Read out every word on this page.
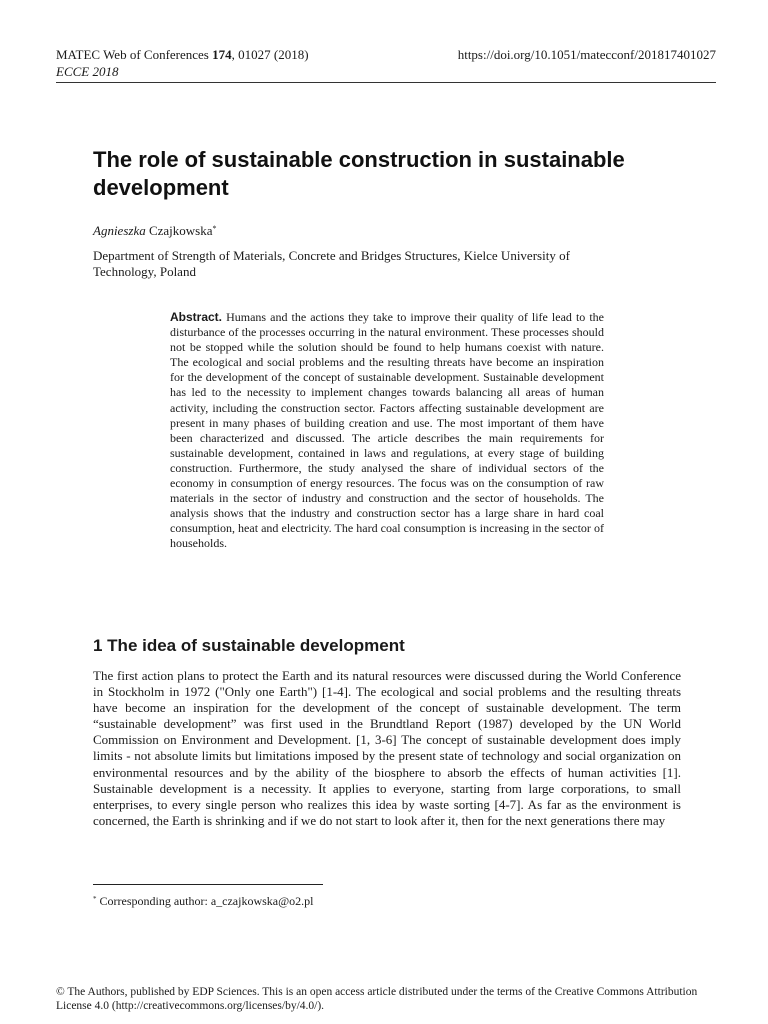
MATEC Web of Conferences 174, 01027 (2018)	https://doi.org/10.1051/matecconf/201817401027
ECCE 2018
The role of sustainable construction in sustainable development
Agnieszka Czajkowska*
Department of Strength of Materials, Concrete and Bridges Structures, Kielce University of Technology, Poland
Abstract. Humans and the actions they take to improve their quality of life lead to the disturbance of the processes occurring in the natural environment. These processes should not be stopped while the solution should be found to help humans coexist with nature. The ecological and social problems and the resulting threats have become an inspiration for the development of the concept of sustainable development. Sustainable development has led to the necessity to implement changes towards balancing all areas of human activity, including the construction sector. Factors affecting sustainable development are present in many phases of building creation and use. The most important of them have been characterized and discussed. The article describes the main requirements for sustainable development, contained in laws and regulations, at every stage of building construction. Furthermore, the study analysed the share of individual sectors of the economy in consumption of energy resources. The focus was on the consumption of raw materials in the sector of industry and construction and the sector of households. The analysis shows that the industry and construction sector has a large share in hard coal consumption, heat and electricity. The hard coal consumption is increasing in the sector of households.
1 The idea of sustainable development
The first action plans to protect the Earth and its natural resources were discussed during the World Conference in Stockholm in 1972 ("Only one Earth") [1-4]. The ecological and social problems and the resulting threats have become an inspiration for the development of the concept of sustainable development. The term “sustainable development” was first used in the Brundtland Report (1987) developed by the UN World Commission on Environment and Development. [1, 3-6] The concept of sustainable development does imply limits - not absolute limits but limitations imposed by the present state of technology and social organization on environmental resources and by the ability of the biosphere to absorb the effects of human activities [1]. Sustainable development is a necessity. It applies to everyone, starting from large corporations, to small enterprises, to every single person who realizes this idea by waste sorting [4-7]. As far as the environment is concerned, the Earth is shrinking and if we do not start to look after it, then for the next generations there may
* Corresponding author: a_czajkowska@o2.pl
© The Authors, published by EDP Sciences. This is an open access article distributed under the terms of the Creative Commons Attribution License 4.0 (http://creativecommons.org/licenses/by/4.0/).
